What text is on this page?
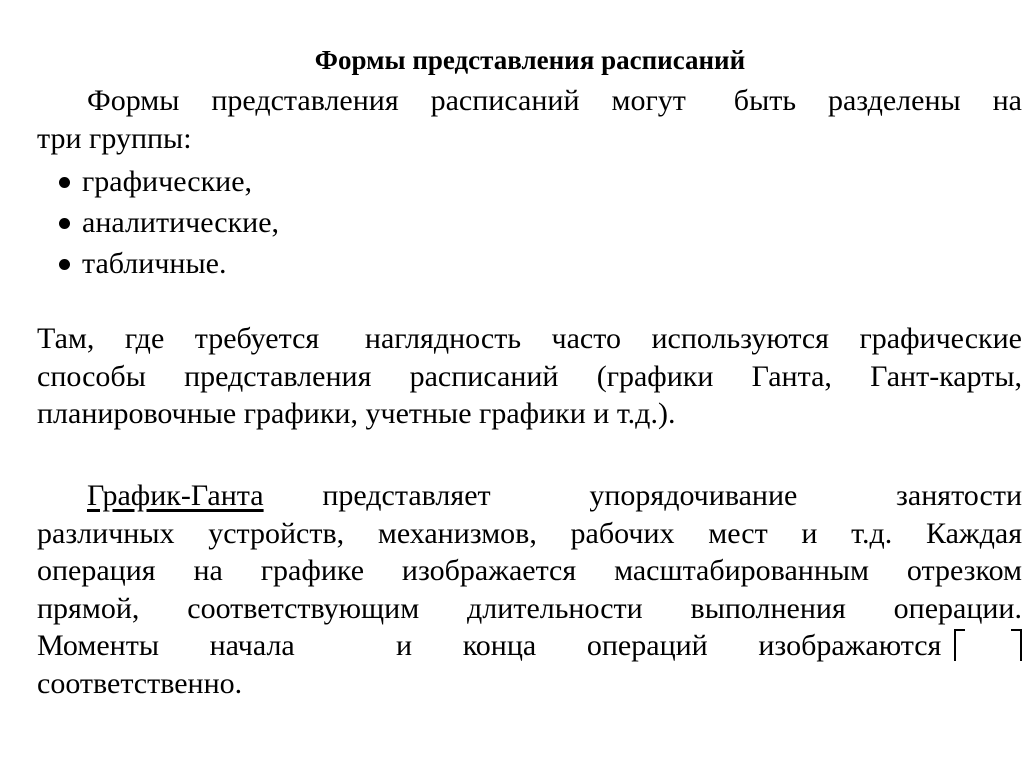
Формы представления расписаний
Формы  представления  расписаний  могут   быть  разделены  на
три группы:
графические,
аналитические,
табличные.
Там,  где  требуется   наглядность  часто  используются  графические
способы  представления  расписаний  (графики  Ганта,  Гант-карты,
планировочные графики, учетные графики и т.д.).
График-Ганта представляет упорядочивание занятости
различных устройств, механизмов, рабочих мест и т.д. Каждая
операция на графике изображается масштабированным отрезком
прямой, соответствующим длительности выполнения операции.
Моменты начала  и конца операций изображаются
соответственно.
